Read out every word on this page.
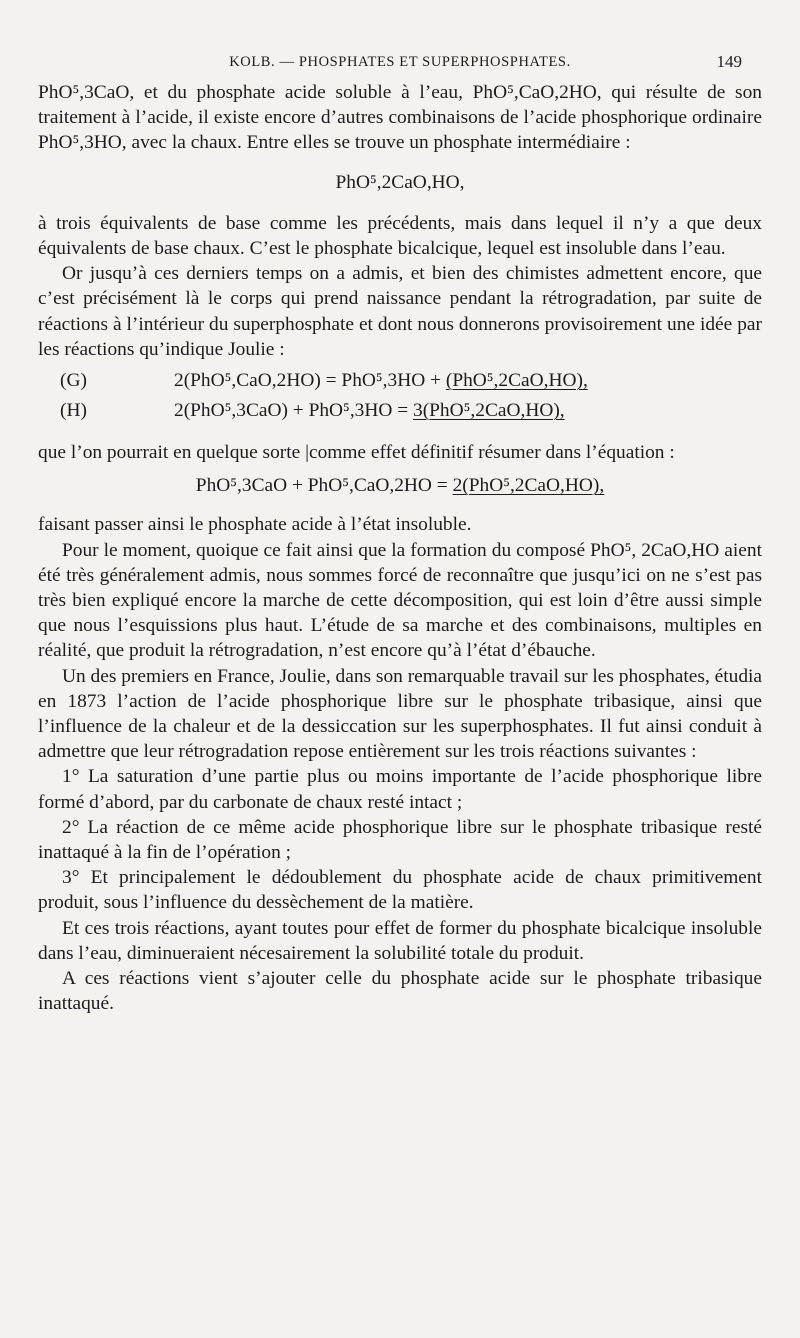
KOLB. — PHOSPHATES ET SUPERPHOSPHATES.	149

PhO⁵,3CaO, et du phosphate acide soluble à l’eau, PhO⁵,CaO,2HO, qui résulte de son traitement à l’acide, il existe encore d’autres combinaisons de l’acide phosphorique ordinaire PhO⁵,3HO, avec la chaux. Entre elles se trouve un phosphate intermédiaire :

PhO⁵,2CaO,HO,

à trois équivalents de base comme les précédents, mais dans lequel il n’y a que deux équivalents de base chaux. C’est le phosphate bicalcique, lequel est insoluble dans l’eau.

Or jusqu’à ces derniers temps on a admis, et bien des chimistes admettent encore, que c’est précisément là le corps qui prend naissance pendant la rétrogradation, par suite de réactions à l’intérieur du superphosphate et dont nous donnerons provisoirement une idée par les réactions qu’indique Joulie :

(G)	2(PhO⁵,CaO,2HO) = PhO⁵,3HO + (PhO⁵,2CaO,HO),
(H)	2(PhO⁵,3CaO) + PhO⁵,3HO = 3(PhO⁵,2CaO,HO),

que l’on pourrait en quelque sorte |comme effet définitif résumer dans l’équation :

PhO⁵,3CaO + PhO⁵,CaO,2HO = 2(PhO⁵,2CaO,HO),

faisant passer ainsi le phosphate acide à l’état insoluble.

Pour le moment, quoique ce fait ainsi que la formation du composé PhO⁵, 2CaO,HO aient été très généralement admis, nous sommes forcé de reconnaître que jusqu’ici on ne s’est pas très bien expliqué encore la marche de cette décomposition, qui est loin d’être aussi simple que nous l’esquissions plus haut. L’étude de sa marche et des combinaisons, multiples en réalité, que produit la rétrogradation, n’est encore qu’à l’état d’ébauche.

Un des premiers en France, Joulie, dans son remarquable travail sur les phosphates, étudia en 1873 l’action de l’acide phosphorique libre sur le phosphate tribasique, ainsi que l’influence de la chaleur et de la dessiccation sur les superphosphates. Il fut ainsi conduit à admettre que leur rétrogradation repose entièrement sur les trois réactions suivantes :

1° La saturation d’une partie plus ou moins importante de l’acide phosphorique libre formé d’abord, par du carbonate de chaux resté intact ;

2° La réaction de ce même acide phosphorique libre sur le phosphate tribasique resté inattaqué à la fin de l’opération ;

3° Et principalement le dédoublement du phosphate acide de chaux primitivement produit, sous l’influence du dessèchement de la matière.

Et ces trois réactions, ayant toutes pour effet de former du phosphate bicalcique insoluble dans l’eau, diminueraient nécesairement la solubilité totale du produit.

A ces réactions vient s’ajouter celle du phosphate acide sur le phosphate tribasique inattaqué.
